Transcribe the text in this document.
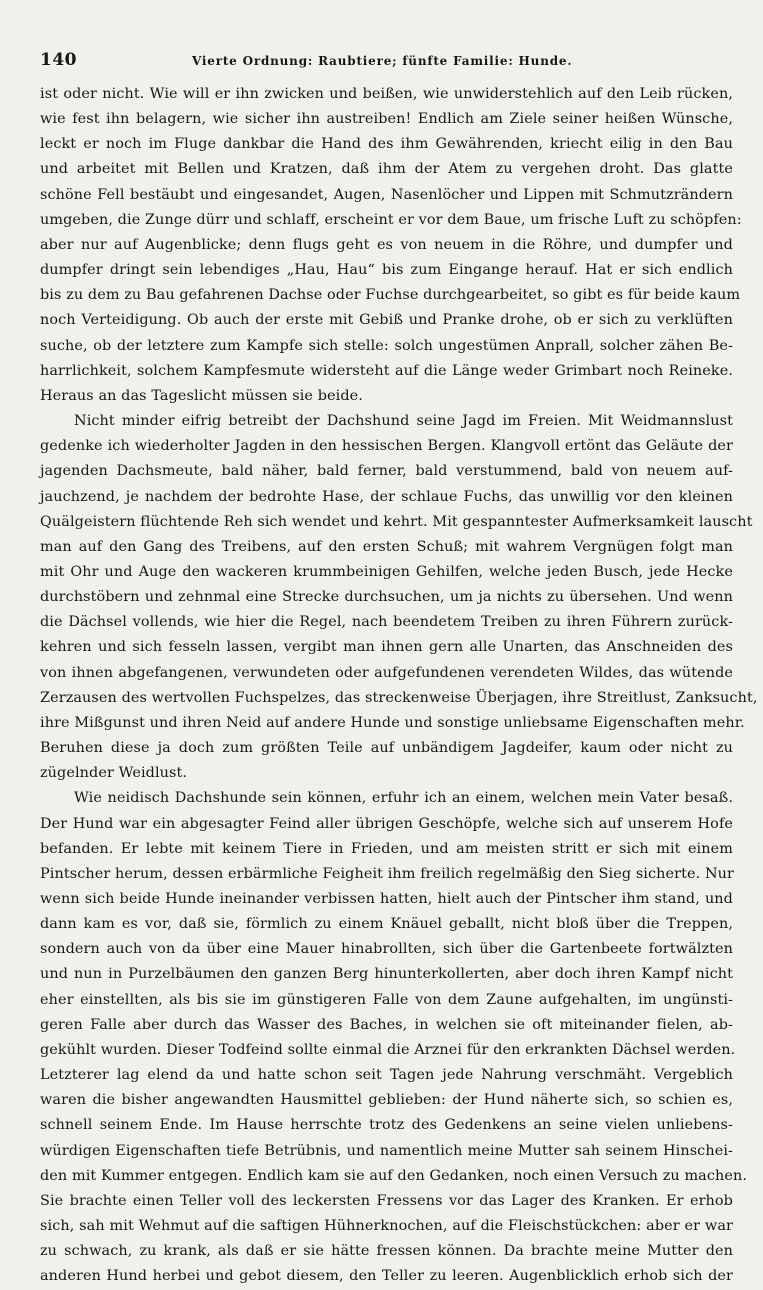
140	Vierte Ordnung: Raubtiere; fünfte Familie: Hunde.

ist oder nicht. Wie will er ihn zwicken und beißen, wie unwiderstehlich auf den Leib rücken,

wie fest ihn belagern, wie sicher ihn austreiben! Endlich am Ziele seiner heißen Wünsche,

leckt er noch im Fluge dankbar die Hand des ihm Gewährenden, kriecht eilig in den Bau

und arbeitet mit Bellen und Kratzen, daß ihm der Atem zu vergehen droht. Das glatte

schöne Fell bestäubt und eingesandet, Augen, Nasenlöcher und Lippen mit Schmutzrändern

umgeben, die Zunge dürr und schlaff, erscheint er vor dem Baue, um frische Luft zu schöpfen:

aber nur auf Augenblicke; denn flugs geht es von neuem in die Röhre, und dumpfer und

dumpfer dringt sein lebendiges „Hau, Hau“ bis zum Eingange herauf. Hat er sich endlich

bis zu dem zu Bau gefahrenen Dachse oder Fuchse durchgearbeitet, so gibt es für beide kaum

noch Verteidigung. Ob auch der erste mit Gebiß und Pranke drohe, ob er sich zu verklüften

suche, ob der letztere zum Kampfe sich stelle: solch ungestümen Anprall, solcher zähen Be-

harrlichkeit, solchem Kampfesmute widersteht auf die Länge weder Grimbart noch Reineke.

Heraus an das Tageslicht müssen sie beide.

Nicht minder eifrig betreibt der Dachshund seine Jagd im Freien. Mit Weidmannslust

gedenke ich wiederholter Jagden in den hessischen Bergen. Klangvoll ertönt das Geläute der

jagenden Dachsmeute, bald näher, bald ferner, bald verstummend, bald von neuem auf-

jauchzend, je nachdem der bedrohte Hase, der schlaue Fuchs, das unwillig vor den kleinen

Quälgeistern flüchtende Reh sich wendet und kehrt. Mit gespanntester Aufmerksamkeit lauscht

man auf den Gang des Treibens, auf den ersten Schuß; mit wahrem Vergnügen folgt man

mit Ohr und Auge den wackeren krummbeinigen Gehilfen, welche jeden Busch, jede Hecke

durchstöbern und zehnmal eine Strecke durchsuchen, um ja nichts zu übersehen. Und wenn

die Dächsel vollends, wie hier die Regel, nach beendetem Treiben zu ihren Führern zurück-

kehren und sich fesseln lassen, vergibt man ihnen gern alle Unarten, das Anschneiden des

von ihnen abgefangenen, verwundeten oder aufgefundenen verendeten Wildes, das wütende

Zerzausen des wertvollen Fuchspelzes, das streckenweise Überjagen, ihre Streitlust, Zanksucht,

ihre Mißgunst und ihren Neid auf andere Hunde und sonstige unliebsame Eigenschaften mehr.

Beruhen diese ja doch zum größten Teile auf unbändigem Jagdeifer, kaum oder nicht zu

zügelnder Weidlust.

Wie neidisch Dachshunde sein können, erfuhr ich an einem, welchen mein Vater besaß.

Der Hund war ein abgesagter Feind aller übrigen Geschöpfe, welche sich auf unserem Hofe

befanden. Er lebte mit keinem Tiere in Frieden, und am meisten stritt er sich mit einem

Pintscher herum, dessen erbärmliche Feigheit ihm freilich regelmäßig den Sieg sicherte. Nur

wenn sich beide Hunde ineinander verbissen hatten, hielt auch der Pintscher ihm stand, und

dann kam es vor, daß sie, förmlich zu einem Knäuel geballt, nicht bloß über die Treppen,

sondern auch von da über eine Mauer hinabrollten, sich über die Gartenbeete fortwälzten

und nun in Purzelbäumen den ganzen Berg hinunterkollerten, aber doch ihren Kampf nicht

eher einstellten, als bis sie im günstigeren Falle von dem Zaune aufgehalten, im ungünsti-

geren Falle aber durch das Wasser des Baches, in welchen sie oft miteinander fielen, ab-

gekühlt wurden. Dieser Todfeind sollte einmal die Arznei für den erkrankten Dächsel werden.

Letzterer lag elend da und hatte schon seit Tagen jede Nahrung verschmäht. Vergeblich

waren die bisher angewandten Hausmittel geblieben: der Hund näherte sich, so schien es,

schnell seinem Ende. Im Hause herrschte trotz des Gedenkens an seine vielen unliebens-

würdigen Eigenschaften tiefe Betrübnis, und namentlich meine Mutter sah seinem Hinschei-

den mit Kummer entgegen. Endlich kam sie auf den Gedanken, noch einen Versuch zu machen.

Sie brachte einen Teller voll des leckersten Fressens vor das Lager des Kranken. Er erhob

sich, sah mit Wehmut auf die saftigen Hühnerknochen, auf die Fleischstückchen: aber er war

zu schwach, zu krank, als daß er sie hätte fressen können. Da brachte meine Mutter den

anderen Hund herbei und gebot diesem, den Teller zu leeren. Augenblicklich erhob sich der
